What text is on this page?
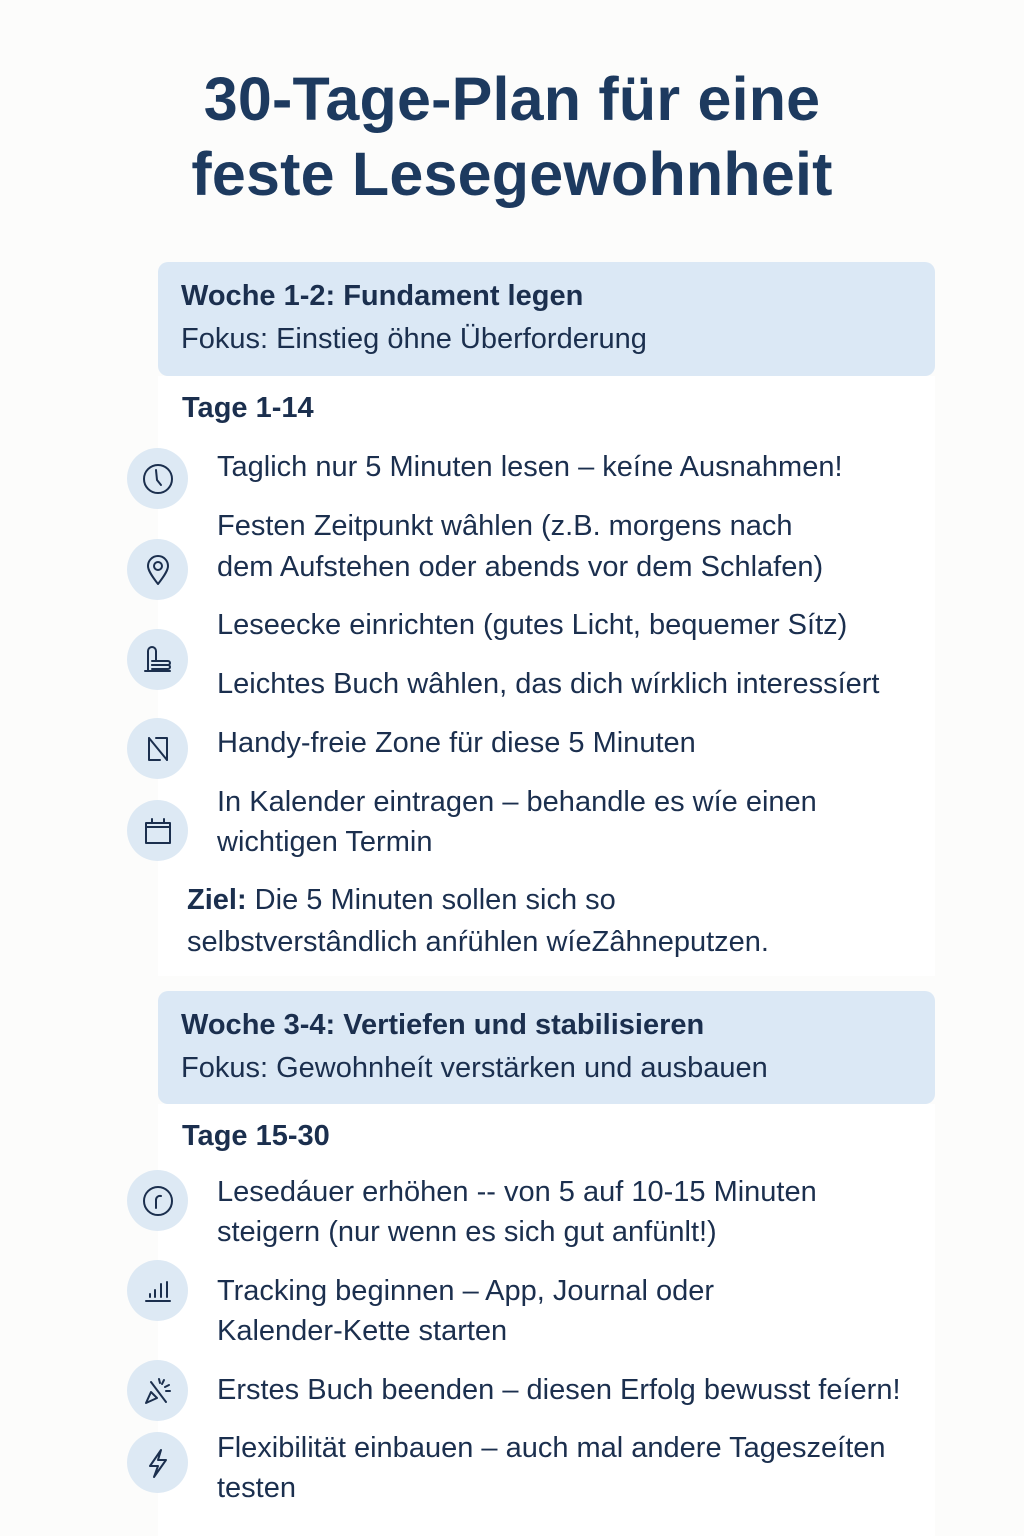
30-Tage-Plan für eine
feste Lesegewohnheit
Woche 1-2: Fundament legen
Fokus: Einstieg öhne Überforderung
Tage 1-14
Taglich nur 5 Minuten lesen – keíne Ausnahmen!
Festen Zeitpunkt wâhlen (z.B. morgens nach
dem Aufstehen oder abends vor dem Schlafen)
Leseecke einrichten (gutes Licht, bequemer Sítz)
Leichtes Buch wâhlen, das dich wírklich interessíert
Handy-freie Zone für diese 5 Minuten
In Kalender eintragen – behandle es wíe einen
wichtigen Termin
Ziel: Die 5 Minuten sollen sich so
selbstverstândlich anŕühlen wíeZâhneputzen.
Woche 3-4: Vertiefen und stabilisieren
Fokus: Gewohnheít verstärken und ausbauen
Tage 15-30
Lesedáuer erhöhen -- von 5 auf 10-15 Minuten
steigern (nur wenn es sich gut anfünlt!)
Tracking beginnen – App, Journal oder
Kalender-Kette starten
Erstes Buch beenden – diesen Erfolg bewusst feíern!
Flexibilität einbauen – auch mal andere Tageszeíten
testen
